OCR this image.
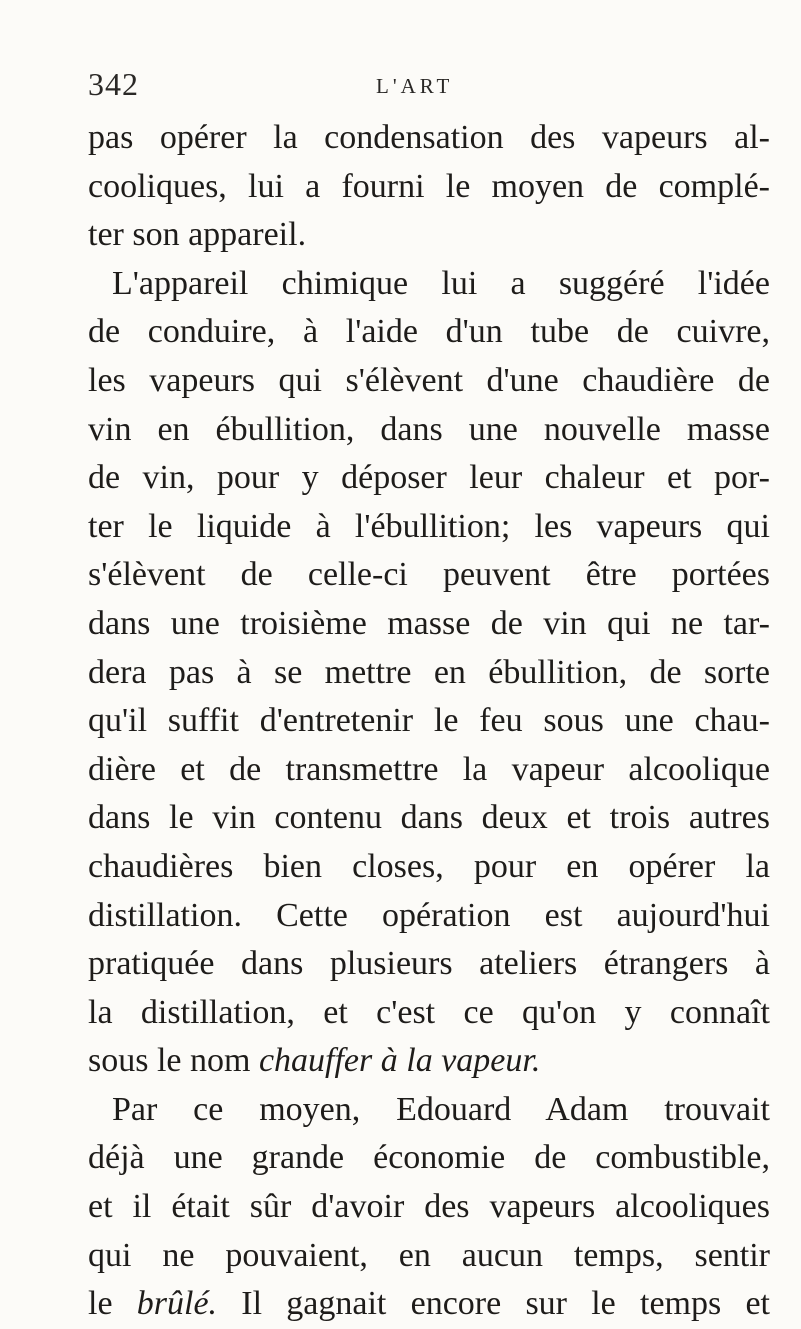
342	L'ART
pas opérer la condensation des vapeurs al-
cooliques, lui a fourni le moyen de complé-
ter son appareil.
L'appareil chimique lui a suggéré l'idée
de conduire, à l'aide d'un tube de cuivre,
les vapeurs qui s'élèvent d'une chaudière de
vin en ébullition, dans une nouvelle masse
de vin, pour y déposer leur chaleur et por-
ter le liquide à l'ébullition; les vapeurs qui
s'élèvent de celle-ci peuvent être portées
dans une troisième masse de vin qui ne tar-
dera pas à se mettre en ébullition, de sorte
qu'il suffit d'entretenir le feu sous une chau-
dière et de transmettre la vapeur alcoolique
dans le vin contenu dans deux et trois autres
chaudières bien closes, pour en opérer la
distillation. Cette opération est aujourd'hui
pratiquée dans plusieurs ateliers étrangers à
la distillation, et c'est ce qu'on y connaît
sous le nom chauffer à la vapeur.
Par ce moyen, Edouard Adam trouvait
déjà une grande économie de combustible,
et il était sûr d'avoir des vapeurs alcooliques
qui ne pouvaient, en aucun temps, sentir
le brûlé. Il gagnait encore sur le temps et
